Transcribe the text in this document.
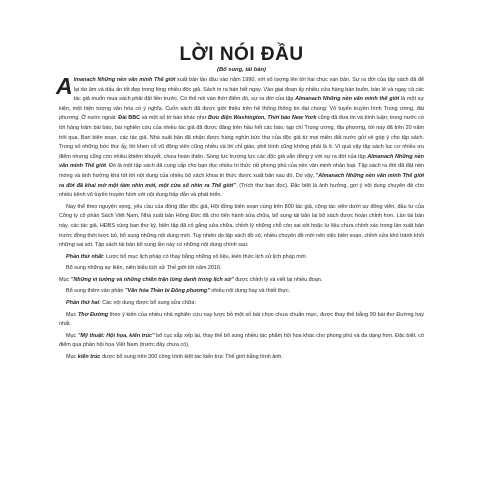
LỜI NÓI ĐẦU
(Bổ sung, tái bản)

Almanach Những nền văn minh Thế giới xuất bản lần đầu vào năm 1990, với số lượng lên tới hai chục vạn bản. Sự ra đời của tập sách đã để lại dư âm và dấu ấn tốt đẹp trong lòng nhiều độc giả. Sách in ra bán hết ngay. Vào giai đoạn ấy nhiều cửa hàng bán buôn, bán lẻ và ngay cả các tác giả muốn mua sách phải đặt liền trước. Có thể nói vào thời điểm đó, sự ra đời của tập Almanach Những nền văn minh thế giới là một sự kiện, một hiện tượng văn hóa có ý nghĩa. Cuốn sách đã được giới thiệu trên hệ thống thông tin đại chúng: Vô tuyến truyền hình Trung ương, đài phương. Ở nước ngoài: Đài BBC và một số tờ báo khác như Bưu điện Washington, Thời báo New York cũng đã đưa tin và bình luận; trong nước có tới hàng trăm bài báo, bài nghiên cứu của nhiều tác giả đã được đăng trên hầu hết các báo, tạp chí Trung ương, địa phương, tới nay đã trên 20 năm trôi qua, Ban biên soạn, các tác giả, Nhà xuất bản đã nhận được hàng nghìn bức thư của độc giả từ mọi miền đất nước gửi về góp ý cho tập sách. Trong số những bức thư ấy, lời khen cổ vũ động viên cũng nhiều và lời chỉ giáo, phê bình cũng không phải là ít. Vì quá vậy tập sách lục cơ nhiều ưu điểm nhưng cũng còn nhiều khiếm khuyết, chưa hoàn thiện. Song lực trượng lực các độc giả vẫn đồng ý với sự ra đời của tập Almanach Những nền văn minh Thế giới. Đó là một tập sách đã cung cấp cho bạn đọc nhiều tri thức rất phong phú của nền văn minh nhân loại. Tập sách ra đời đã đặt nền móng và ảnh hưởng khá tốt tới nội dung của nhiều bộ sách khoa tri thức được xuất bản sau đó. Do vậy, "Almanach Những nền văn minh Thế giới ra đời đã khai mở một tầm nhìn mới, một cửa sổ nhìn ra Thế giới". (Trích thư bạn đọc). Đặc biệt là ảnh hưởng, gợi ý nội dung chuyên đề cho nhiều kênh vô tuyến truyền hình với nội dung hấp dẫn và phát triển.

Nay thể theo nguyện vọng, yêu cầu của đông đảo độc giả, Hội đồng biên soạn cùng trên 800 tác giả, cộng tác viên dưới sự đồng viên, đầu tư của Công ty cổ phần Sách Việt Nam, Nhà xuất bản Hồng Đức đã cho tiến hành sửa chữa, bổ sung tái bản lại bộ sách được hoàn chỉnh hơn. Lần tái bản này, các tác giả, HĐBS cùng ban thư ký, biên tập đã cố gắng sửa chữa, chỉnh lý những chỗ còn sai sót hoặc lư liệu chưa chính xác trong lần xuất bản trước đồng thời lược bỏ, bổ sung những nội dung mới. Tuy nhiên do tập sách đồ sộ, nhiều chuyên đề mới nên việc biên soạn, chỉnh sửa khó tránh khỏi những sai sót. Tập sách tái bản bổ sung lần này có những nội dung chính sau:

Phần thứ nhất: Lược bỏ mục lịch pháp có thay bằng những số liệu, kiến thức lịch sử lịch pháp mới.

Bổ sung những sự kiện, niên biểu lịch sử Thế giới tới năm 2016.

Mục "Những vị tướng và những chiến trận lừng danh trong lịch sử" được chỉnh lý và viết lại nhiều đoạn.

Bổ sung thêm vào phần "Văn hóa Thần bí Đông phương" nhiều nội dung hay và thiết thực.

Phần thứ hai: Các nội dung được bổ sung sửa chữa:

Mục Thơ Đường theo ý kiến của nhiều nhà nghiên cứu nay lược bỏ một số bài chọn chưa chuẩn mực, được thay thế bằng 99 bài thơ Đường hay nhất.

Mục "Mỹ thuật: Hội họa, kiến trúc" bổ cục sắp xếp lại, thay thế bổ sung nhiều tác phẩm hội họa khác cho phong phú và đa dạng hơn. Đặc biệt, có điểm qua phần hội họa Việt Nam (trước đây chưa có).

Mục kiến trúc được bổ sung trên 300 công trình kiệt tác kiến trúc Thế giới bằng hình ảnh.
